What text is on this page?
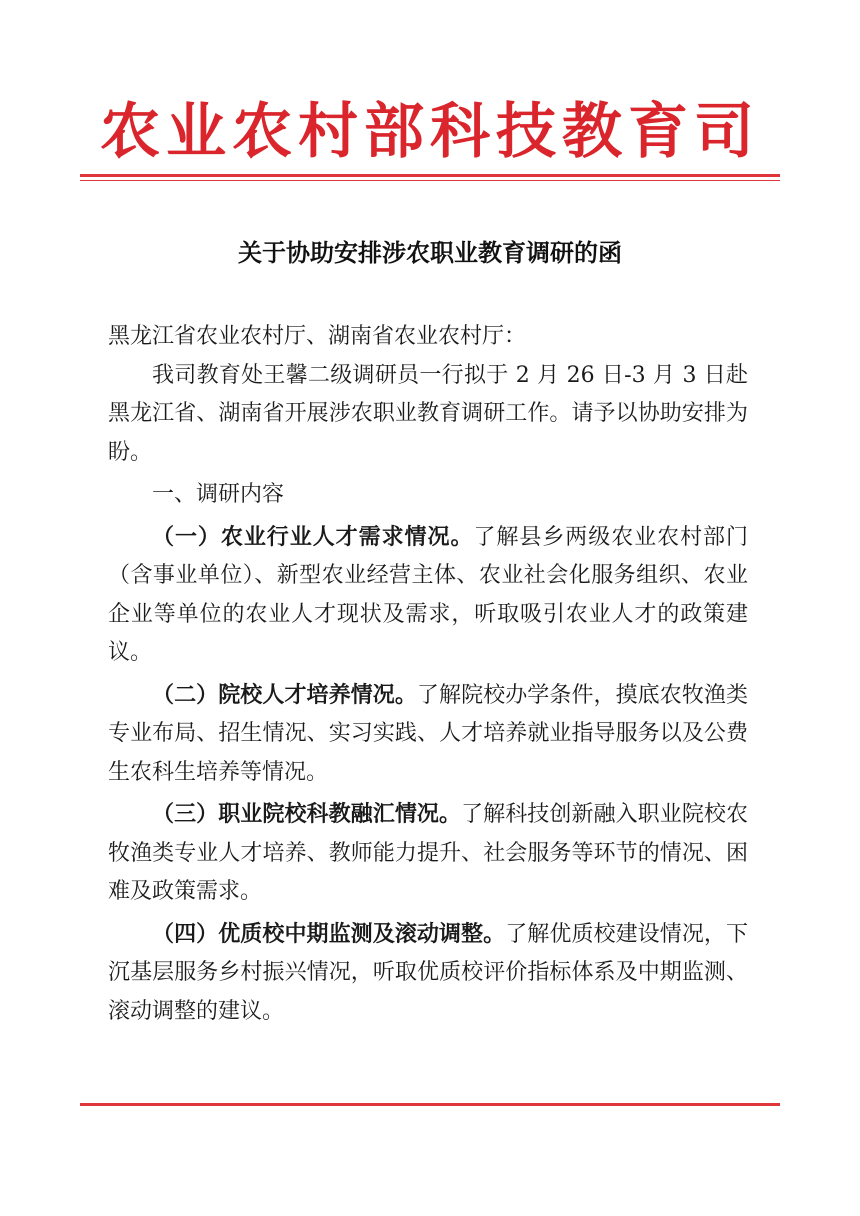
农业农村部科技教育司
关于协助安排涉农职业教育调研的函

黑龙江省农业农村厅、湖南省农业农村厅：

我司教育处王馨二级调研员一行拟于 2 月 26 日-3 月 3 日赴黑龙江省、湖南省开展涉农职业教育调研工作。请予以协助安排为盼。

一、调研内容

（一）农业行业人才需求情况。了解县乡两级农业农村部门（含事业单位）、新型农业经营主体、农业社会化服务组织、农业企业等单位的农业人才现状及需求，听取吸引农业人才的政策建议。

（二）院校人才培养情况。了解院校办学条件，摸底农牧渔类专业布局、招生情况、实习实践、人才培养就业指导服务以及公费生农科生培养等情况。

（三）职业院校科教融汇情况。了解科技创新融入职业院校农牧渔类专业人才培养、教师能力提升、社会服务等环节的情况、困难及政策需求。

（四）优质校中期监测及滚动调整。了解优质校建设情况，下沉基层服务乡村振兴情况，听取优质校评价指标体系及中期监测、滚动调整的建议。
